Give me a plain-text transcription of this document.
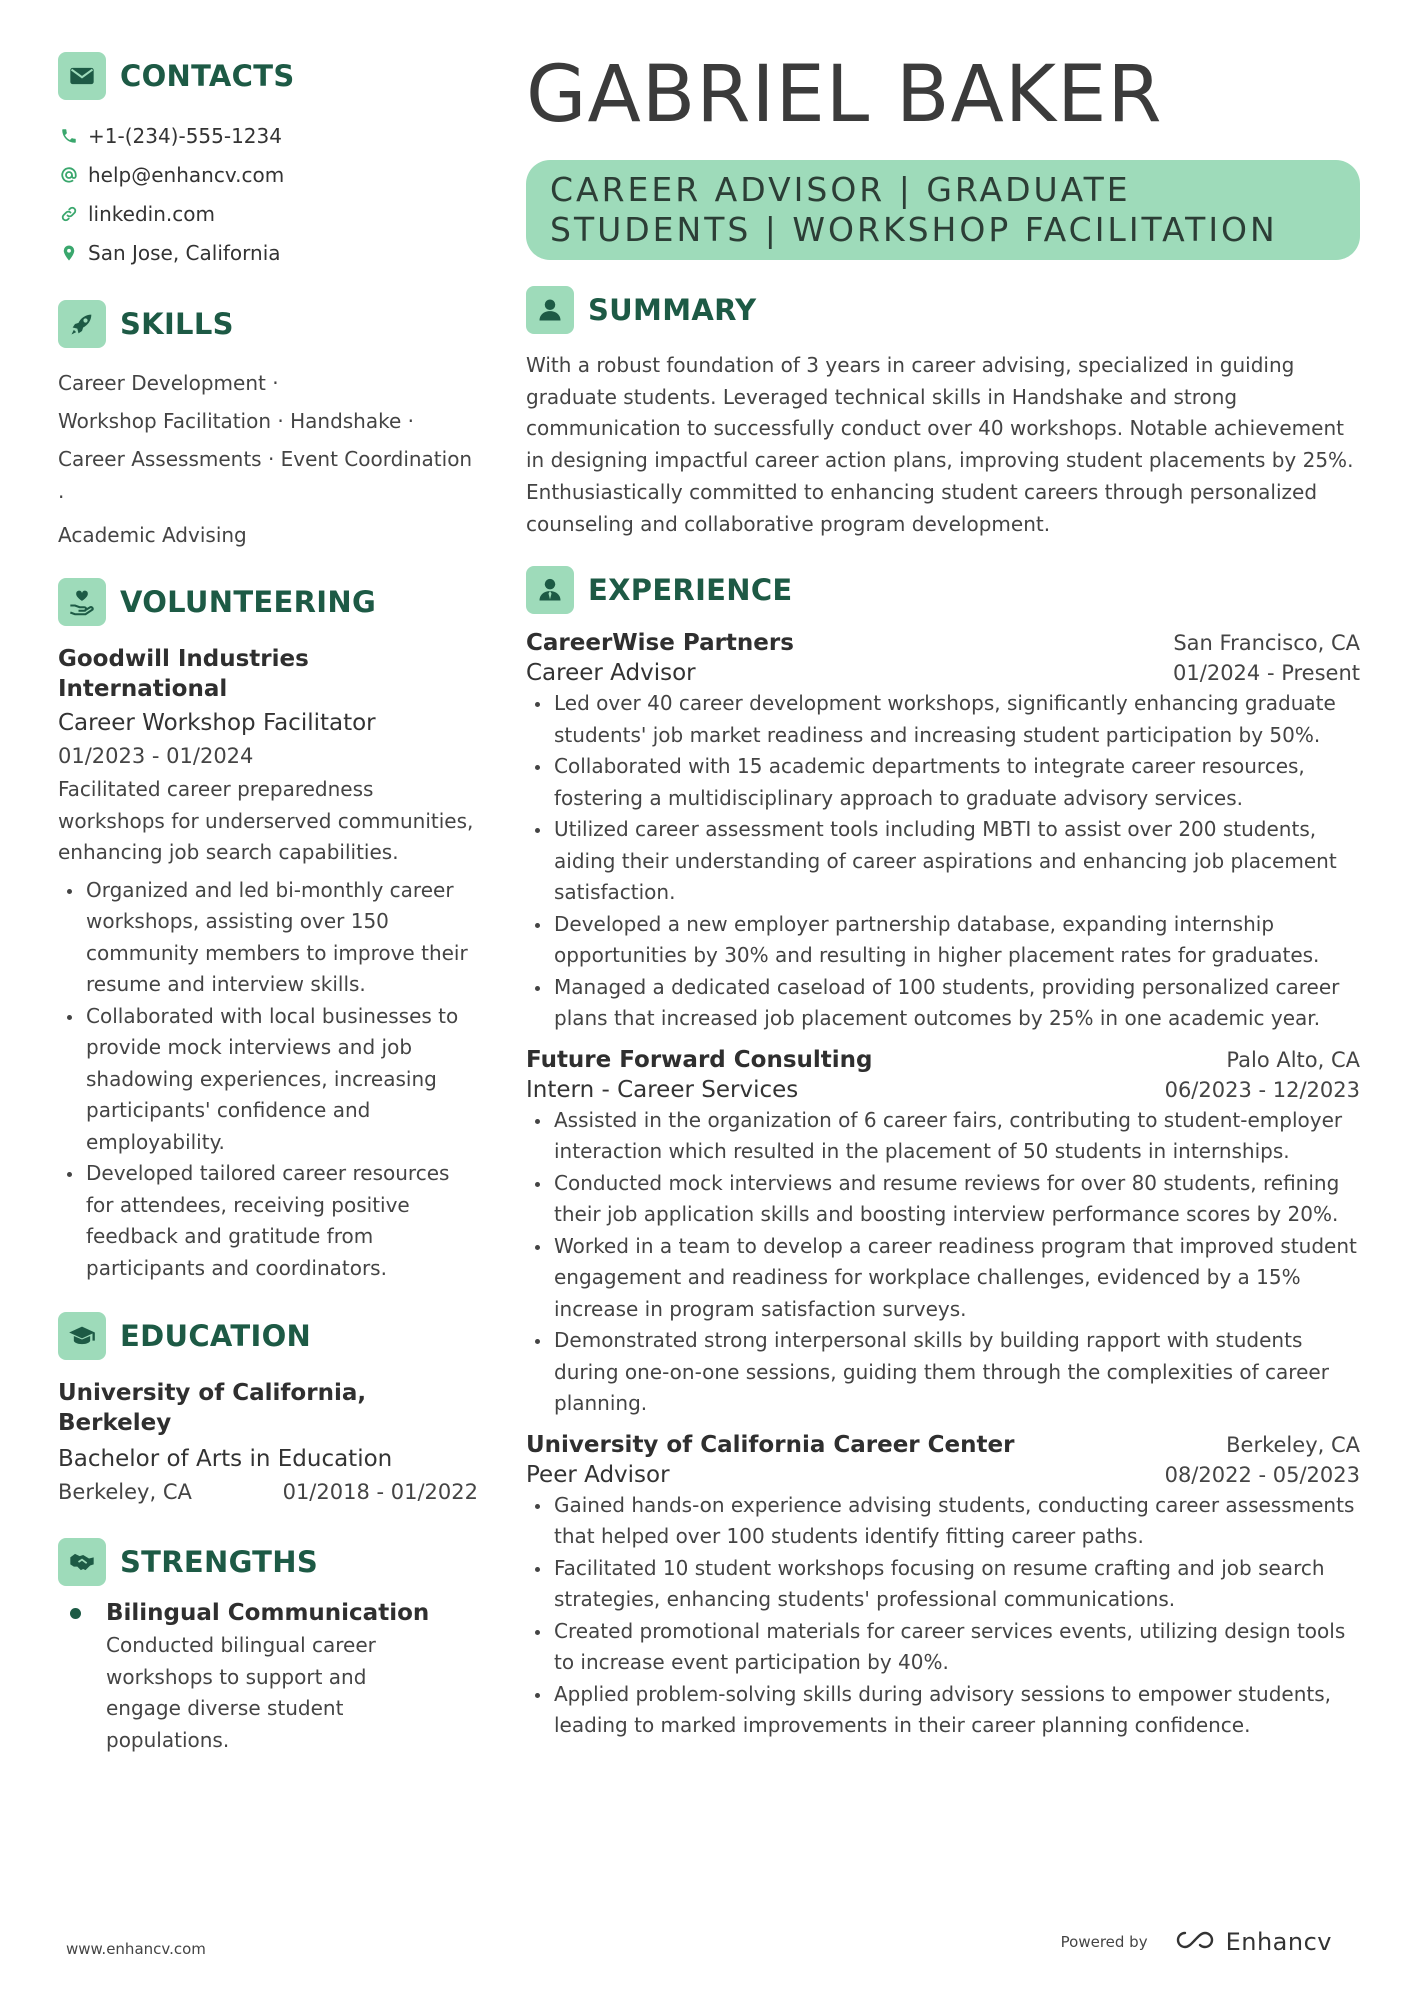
CONTACTS
+1-(234)-555-1234
help@enhancv.com
linkedin.com
San Jose, California
SKILLS
Career Development ·
Workshop Facilitation · Handshake ·
Career Assessments · Event Coordination ·
Academic Advising
VOLUNTEERING
Goodwill Industries International
Career Workshop Facilitator
01/2023 - 01/2024
Facilitated career preparedness workshops for underserved communities, enhancing job search capabilities.
Organized and led bi-monthly career workshops, assisting over 150 community members to improve their resume and interview skills.
Collaborated with local businesses to provide mock interviews and job shadowing experiences, increasing participants' confidence and employability.
Developed tailored career resources for attendees, receiving positive feedback and gratitude from participants and coordinators.
EDUCATION
University of California, Berkeley
Bachelor of Arts in Education
Berkeley, CA	01/2018 - 01/2022
STRENGTHS
Bilingual Communication
Conducted bilingual career workshops to support and engage diverse student populations.
GABRIEL BAKER
CAREER ADVISOR | GRADUATE STUDENTS | WORKSHOP FACILITATION
SUMMARY
With a robust foundation of 3 years in career advising, specialized in guiding graduate students. Leveraged technical skills in Handshake and strong communication to successfully conduct over 40 workshops. Notable achievement in designing impactful career action plans, improving student placements by 25%. Enthusiastically committed to enhancing student careers through personalized counseling and collaborative program development.
EXPERIENCE
CareerWise Partners	San Francisco, CA
Career Advisor	01/2024 - Present
Led over 40 career development workshops, significantly enhancing graduate students' job market readiness and increasing student participation by 50%.
Collaborated with 15 academic departments to integrate career resources, fostering a multidisciplinary approach to graduate advisory services.
Utilized career assessment tools including MBTI to assist over 200 students, aiding their understanding of career aspirations and enhancing job placement satisfaction.
Developed a new employer partnership database, expanding internship opportunities by 30% and resulting in higher placement rates for graduates.
Managed a dedicated caseload of 100 students, providing personalized career plans that increased job placement outcomes by 25% in one academic year.
Future Forward Consulting	Palo Alto, CA
Intern - Career Services	06/2023 - 12/2023
Assisted in the organization of 6 career fairs, contributing to student-employer interaction which resulted in the placement of 50 students in internships.
Conducted mock interviews and resume reviews for over 80 students, refining their job application skills and boosting interview performance scores by 20%.
Worked in a team to develop a career readiness program that improved student engagement and readiness for workplace challenges, evidenced by a 15% increase in program satisfaction surveys.
Demonstrated strong interpersonal skills by building rapport with students during one-on-one sessions, guiding them through the complexities of career planning.
University of California Career Center	Berkeley, CA
Peer Advisor	08/2022 - 05/2023
Gained hands-on experience advising students, conducting career assessments that helped over 100 students identify fitting career paths.
Facilitated 10 student workshops focusing on resume crafting and job search strategies, enhancing students' professional communications.
Created promotional materials for career services events, utilizing design tools to increase event participation by 40%.
Applied problem-solving skills during advisory sessions to empower students, leading to marked improvements in their career planning confidence.
www.enhancv.com	Powered by	Enhancv
